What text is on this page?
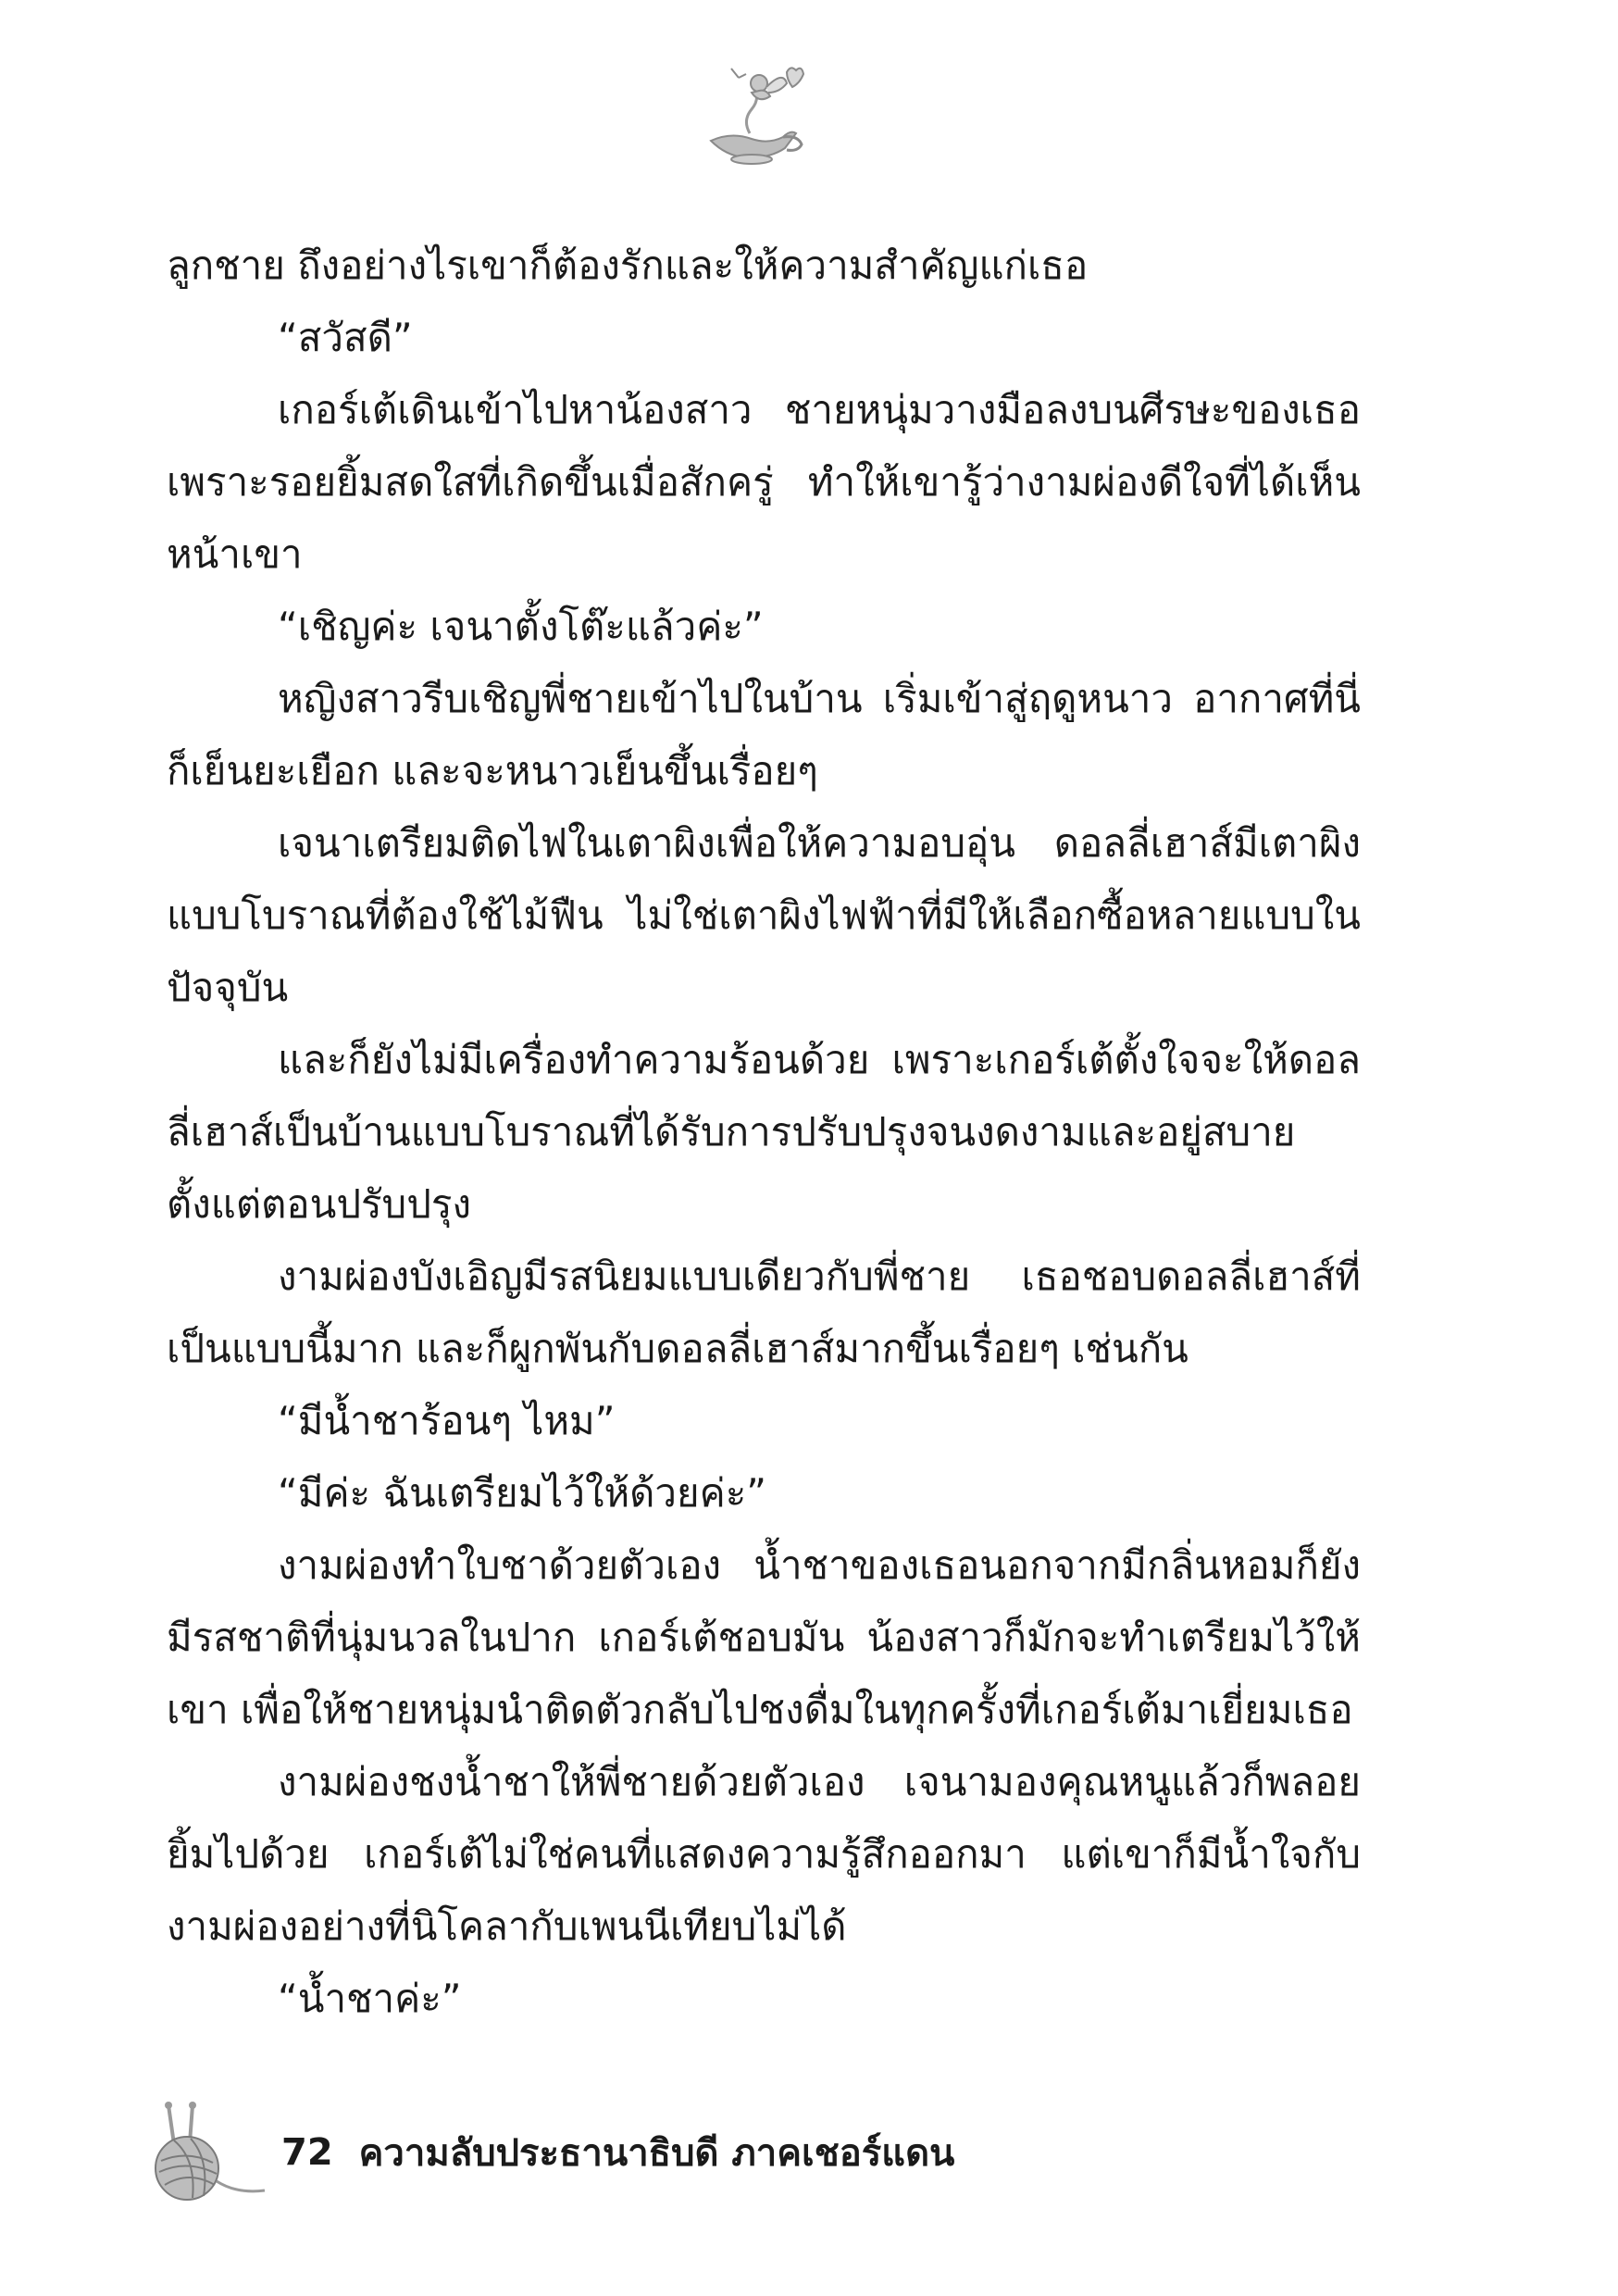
ลูกชาย ถึงอย่างไรเขาก็ต้องรักและให้ความสำคัญแก่เธอ

“สวัสดี”

เกอร์เต้เดินเข้าไปหาน้องสาว ชายหนุ่มวางมือลงบนศีรษะของเธอ เพราะรอยยิ้มสดใสที่เกิดขึ้นเมื่อสักครู่ ทำให้เขารู้ว่างามผ่องดีใจที่ได้เห็นหน้าเขา

“เชิญค่ะ เจนาตั้งโต๊ะแล้วค่ะ”

หญิงสาวรีบเชิญพี่ชายเข้าไปในบ้าน เริ่มเข้าสู่ฤดูหนาว อากาศที่นี่ก็เย็นยะเยือก และจะหนาวเย็นขึ้นเรื่อยๆ

เจนาเตรียมติดไฟในเตาผิงเพื่อให้ความอบอุ่น ดอลลี่เฮาส์มีเตาผิงแบบโบราณที่ต้องใช้ไม้ฟืน ไม่ใช่เตาผิงไฟฟ้าที่มีให้เลือกซื้อหลายแบบในปัจจุบัน

และก็ยังไม่มีเครื่องทำความร้อนด้วย เพราะเกอร์เต้ตั้งใจจะให้ดอลลี่เฮาส์เป็นบ้านแบบโบราณที่ได้รับการปรับปรุงจนงดงามและอยู่สบายตั้งแต่ตอนปรับปรุง

งามผ่องบังเอิญมีรสนิยมแบบเดียวกับพี่ชาย เธอชอบดอลลี่เฮาส์ที่เป็นแบบนี้มาก และก็ผูกพันกับดอลลี่เฮาส์มากขึ้นเรื่อยๆ เช่นกัน

“มีน้ำชาร้อนๆ ไหม”

“มีค่ะ ฉันเตรียมไว้ให้ด้วยค่ะ”

งามผ่องทำใบชาด้วยตัวเอง น้ำชาของเธอนอกจากมีกลิ่นหอมก็ยังมีรสชาติที่นุ่มนวลในปาก เกอร์เต้ชอบมัน น้องสาวก็มักจะทำเตรียมไว้ให้เขา เพื่อให้ชายหนุ่มนำติดตัวกลับไปชงดื่มในทุกครั้งที่เกอร์เต้มาเยี่ยมเธอ

งามผ่องชงน้ำชาให้พี่ชายด้วยตัวเอง เจนามองคุณหนูแล้วก็พลอยยิ้มไปด้วย เกอร์เต้ไม่ใช่คนที่แสดงความรู้สึกออกมา แต่เขาก็มีน้ำใจกับงามผ่องอย่างที่นิโคลากับเพนนีเทียบไม่ได้

“น้ำชาค่ะ”

72 ความลับประธานาธิบดี ภาคเชอร์แดน
